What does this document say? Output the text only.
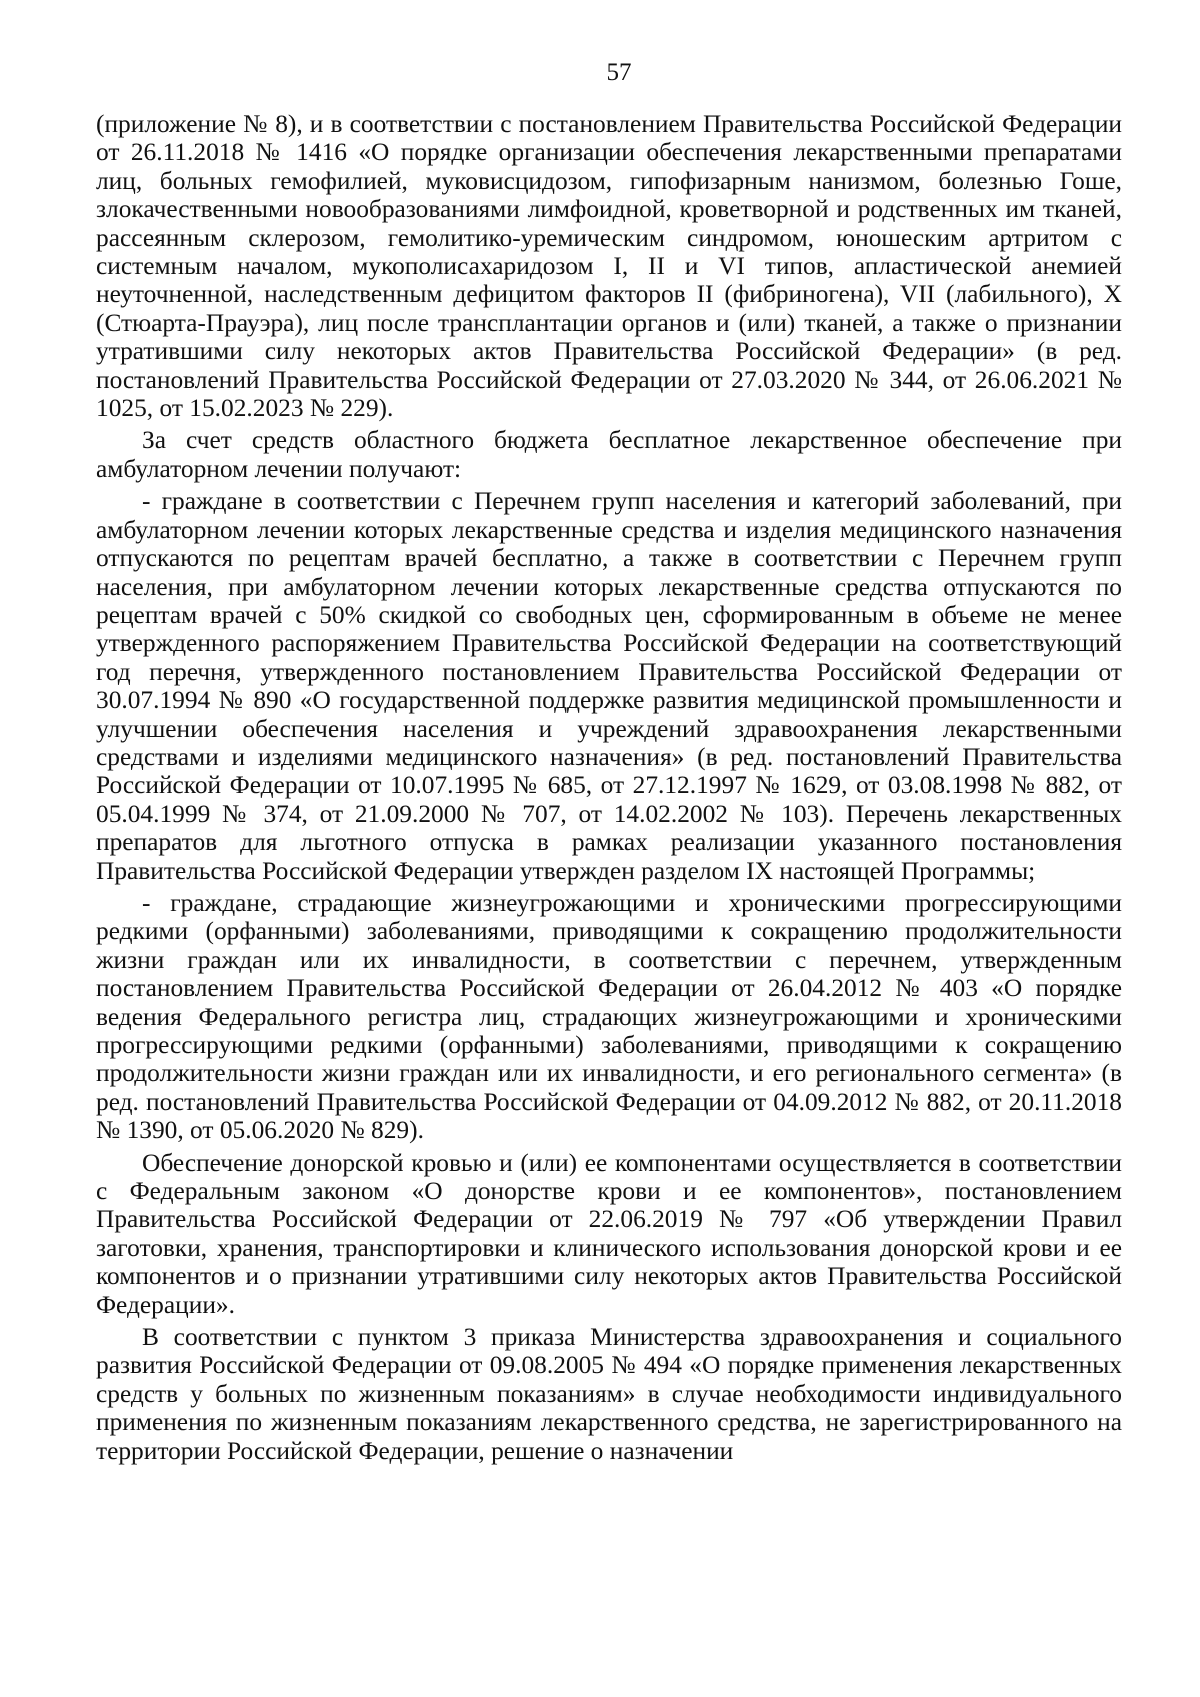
57

(приложение № 8), и в соответствии с постановлением Правительства Российской Федерации от 26.11.2018 № 1416 «О порядке организации обеспечения лекарственными препаратами лиц, больных гемофилией, муковисцидозом, гипофизарным нанизмом, болезнью Гоше, злокачественными новообразованиями лимфоидной, кроветворной и родственных им тканей, рассеянным склерозом, гемолитико-уремическим синдромом, юношеским артритом с системным началом, мукополисахаридозом I, II и VI типов, апластической анемией неуточненной, наследственным дефицитом факторов II (фибриногена), VII (лабильного), X (Стюарта-Прауэра), лиц после трансплантации органов и (или) тканей, а также о признании утратившими силу некоторых актов Правительства Российской Федерации» (в ред. постановлений Правительства Российской Федерации от 27.03.2020 № 344, от 26.06.2021 № 1025, от 15.02.2023 № 229).

За счет средств областного бюджета бесплатное лекарственное обеспечение при амбулаторном лечении получают:

- граждане в соответствии с Перечнем групп населения и категорий заболеваний, при амбулаторном лечении которых лекарственные средства и изделия медицинского назначения отпускаются по рецептам врачей бесплатно, а также в соответствии с Перечнем групп населения, при амбулаторном лечении которых лекарственные средства отпускаются по рецептам врачей с 50% скидкой со свободных цен, сформированным в объеме не менее утвержденного распоряжением Правительства Российской Федерации на соответствующий год перечня, утвержденного постановлением Правительства Российской Федерации от 30.07.1994 № 890 «О государственной поддержке развития медицинской промышленности и улучшении обеспечения населения и учреждений здравоохранения лекарственными средствами и изделиями медицинского назначения» (в ред. постановлений Правительства Российской Федерации от 10.07.1995 № 685, от 27.12.1997 № 1629, от 03.08.1998 № 882, от 05.04.1999 № 374, от 21.09.2000 № 707, от 14.02.2002 № 103). Перечень лекарственных препаратов для льготного отпуска в рамках реализации указанного постановления Правительства Российской Федерации утвержден разделом IX настоящей Программы;

- граждане, страдающие жизнеугрожающими и хроническими прогрессирующими редкими (орфанными) заболеваниями, приводящими к сокращению продолжительности жизни граждан или их инвалидности, в соответствии с перечнем, утвержденным постановлением Правительства Российской Федерации от 26.04.2012 № 403 «О порядке ведения Федерального регистра лиц, страдающих жизнеугрожающими и хроническими прогрессирующими редкими (орфанными) заболеваниями, приводящими к сокращению продолжительности жизни граждан или их инвалидности, и его регионального сегмента» (в ред. постановлений Правительства Российской Федерации от 04.09.2012 № 882, от 20.11.2018 № 1390, от 05.06.2020 № 829).

Обеспечение донорской кровью и (или) ее компонентами осуществляется в соответствии с Федеральным законом «О донорстве крови и ее компонентов», постановлением Правительства Российской Федерации от 22.06.2019 № 797 «Об утверждении Правил заготовки, хранения, транспортировки и клинического использования донорской крови и ее компонентов и о признании утратившими силу некоторых актов Правительства Российской Федерации».

В соответствии с пунктом 3 приказа Министерства здравоохранения и социального развития Российской Федерации от 09.08.2005 № 494 «О порядке применения лекарственных средств у больных по жизненным показаниям» в случае необходимости индивидуального применения по жизненным показаниям лекарственного средства, не зарегистрированного на территории Российской Федерации, решение о назначении
